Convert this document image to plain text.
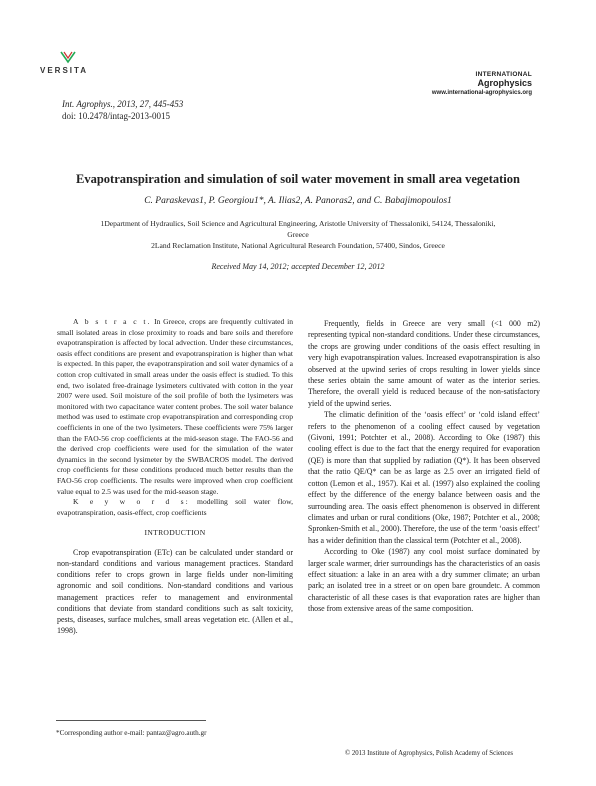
VERSITA	INTERNATIONAL
Agrophysics
www.international-agrophysics.org
Int. Agrophys., 2013, 27, 445-453
doi: 10.2478/intag-2013-0015
Evapotranspiration and simulation of soil water movement in small area vegetation
C. Paraskevas1, P. Georgiou1*, A. Ilias2, A. Panoras2, and C. Babajimopoulos1
1Department of Hydraulics, Soil Science and Agricultural Engineering, Aristotle University of Thessaloniki, 54124, Thessaloniki, Greece
2Land Reclamation Institute, National Agricultural Research Foundation, 57400, Sindos, Greece
Received May 14, 2012; accepted December 12, 2012

A b s t r a c t. In Greece, crops are frequently cultivated in small isolated areas in close proximity to roads and bare soils and therefore evapotranspiration is affected by local advection. Under these circumstances, oasis effect conditions are present and evapotranspiration is higher than what is expected. In this paper, the evapotranspiration and soil water dynamics of a cotton crop cultivated in small areas under the oasis effect is studied. To this end, two isolated free-drainage lysimeters cultivated with cotton in the year 2007 were used. Soil moisture of the soil profile of both the lysimeters was monitored with two capacitance water content probes. The soil water balance method was used to estimate crop evapotranspiration and corresponding crop coefficients in one of the two lysimeters. These coefficients were 75% larger than the FAO-56 crop coefficients at the mid-season stage. The FAO-56 and the derived crop coefficients were used for the simulation of the water dynamics in the second lysimeter by the SWBACROS model. The derived crop coefficients for these conditions produced much better results than the FAO-56 crop coefficients. The results were improved when crop coefficient value equal to 2.5 was used for the mid-season stage.

K e y w o r d s: modelling soil water flow, evapotranspiration, oasis-effect, crop coefficients

INTRODUCTION

Crop evapotranspiration (ETc) can be calculated under standard or non-standard conditions and various management practices. Standard conditions refer to crops grown in large fields under non-limiting agronomic and soil conditions. Non-standard conditions and various management practices refer to management and environmental conditions that deviate from standard conditions such as salt toxicity, pests, diseases, surface mulches, small areas vegetation etc. (Allen et al., 1998).

Frequently, fields in Greece are very small (<1 000 m2) representing typical non-standard conditions. Under these circumstances, the crops are growing under conditions of the oasis effect resulting in very high evapotranspiration values. Increased evapotranspiration is also observed at the upwind series of crops resulting in lower yields since these series obtain the same amount of water as the interior series. Therefore, the overall yield is reduced because of the non-satisfactory yield of the upwind series.

The climatic definition of the ‘oasis effect’ or ‘cold island effect’ refers to the phenomenon of a cooling effect caused by vegetation (Givoni, 1991; Potchter et al., 2008). According to Oke (1987) this cooling effect is due to the fact that the energy required for evaporation (QE) is more than that supplied by radiation (Q*). It has been observed that the ratio QE/Q* can be as large as 2.5 over an irrigated field of cotton (Lemon et al., 1957). Kai et al. (1997) also explained the cooling effect by the difference of the energy balance between oasis and the surrounding area. The oasis effect phenomenon is observed in different climates and urban or rural conditions (Oke, 1987; Potchter et al., 2008; Spronken-Smith et al., 2000). Therefore, the use of the term ‘oasis effect’ has a wider definition than the classical term (Potchter et al., 2008).

According to Oke (1987) any cool moist surface dominated by larger scale warmer, drier surroundings has the characteristics of an oasis effect situation: a lake in an area with a dry summer climate; an urban park; an isolated tree in a street or on open bare groundetc. A common characteristic of all these cases is that evaporation rates are higher than those from extensive areas of the same composition.

*Corresponding author e-mail: pantaz@agro.auth.gr
© 2013 Institute of Agrophysics, Polish Academy of Sciences
